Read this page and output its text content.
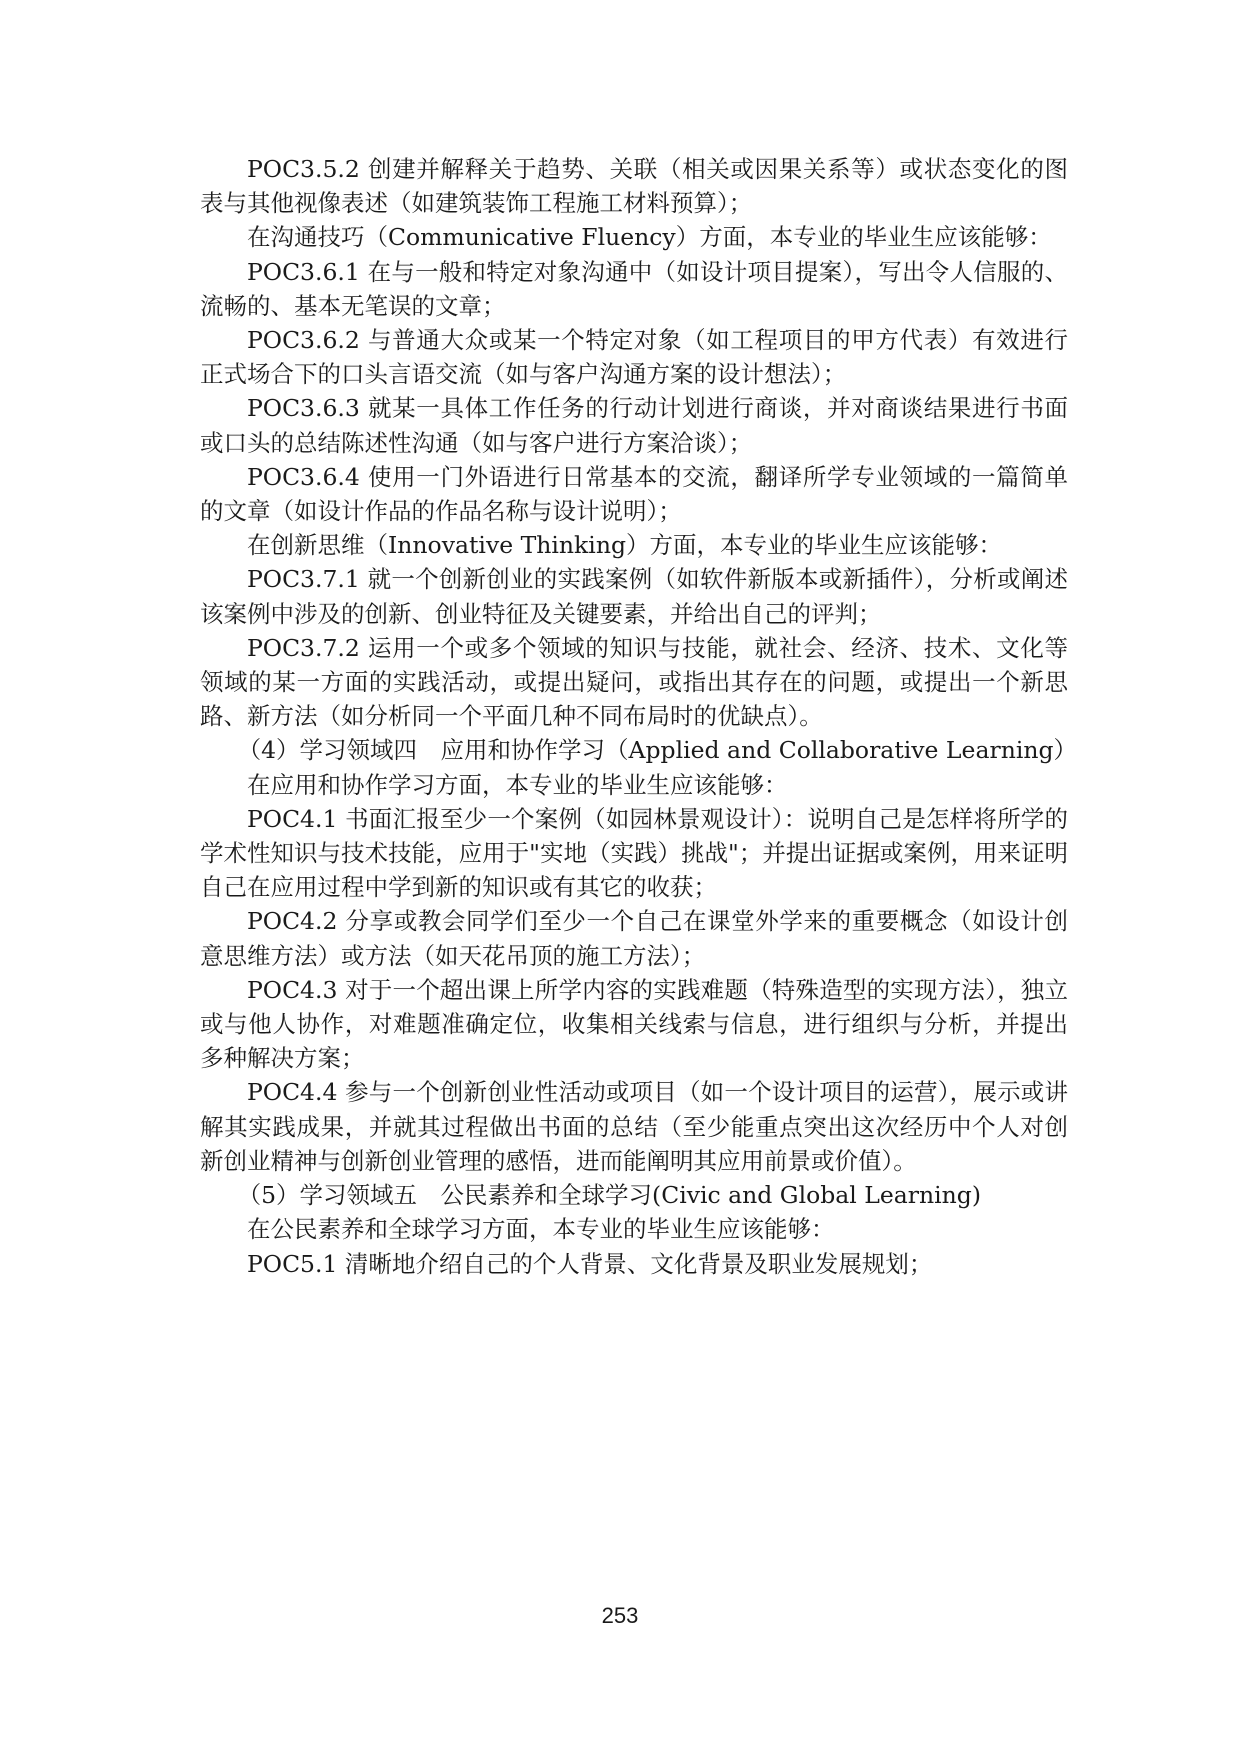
POC3.5.2 创建并解释关于趋势、关联（相关或因果关系等）或状态变化的图表与其他视像表述（如建筑装饰工程施工材料预算）；

在沟通技巧（Communicative Fluency）方面，本专业的毕业生应该能够：

POC3.6.1 在与一般和特定对象沟通中（如设计项目提案），写出令人信服的、流畅的、基本无笔误的文章；

POC3.6.2 与普通大众或某一个特定对象（如工程项目的甲方代表）有效进行正式场合下的口头言语交流（如与客户沟通方案的设计想法）；

POC3.6.3 就某一具体工作任务的行动计划进行商谈，并对商谈结果进行书面或口头的总结陈述性沟通（如与客户进行方案洽谈）；

POC3.6.4 使用一门外语进行日常基本的交流，翻译所学专业领域的一篇简单的文章（如设计作品的作品名称与设计说明）；

在创新思维（Innovative Thinking）方面，本专业的毕业生应该能够：

POC3.7.1 就一个创新创业的实践案例（如软件新版本或新插件），分析或阐述该案例中涉及的创新、创业特征及关键要素，并给出自己的评判；

POC3.7.2 运用一个或多个领域的知识与技能，就社会、经济、技术、文化等领域的某一方面的实践活动，或提出疑问，或指出其存在的问题，或提出一个新思路、新方法（如分析同一个平面几种不同布局时的优缺点）。

（4）学习领域四　应用和协作学习（Applied and Collaborative Learning）

在应用和协作学习方面，本专业的毕业生应该能够：

POC4.1 书面汇报至少一个案例（如园林景观设计）：说明自己是怎样将所学的学术性知识与技术技能，应用于"实地（实践）挑战"；并提出证据或案例，用来证明自己在应用过程中学到新的知识或有其它的收获；

POC4.2 分享或教会同学们至少一个自己在课堂外学来的重要概念（如设计创意思维方法）或方法（如天花吊顶的施工方法）；

POC4.3 对于一个超出课上所学内容的实践难题（特殊造型的实现方法），独立或与他人协作，对难题准确定位，收集相关线索与信息，进行组织与分析，并提出多种解决方案；

POC4.4 参与一个创新创业性活动或项目（如一个设计项目的运营），展示或讲解其实践成果，并就其过程做出书面的总结（至少能重点突出这次经历中个人对创新创业精神与创新创业管理的感悟，进而能阐明其应用前景或价值）。

（5）学习领域五　公民素养和全球学习(Civic and Global Learning)

在公民素养和全球学习方面，本专业的毕业生应该能够：

POC5.1 清晰地介绍自己的个人背景、文化背景及职业发展规划；

253
